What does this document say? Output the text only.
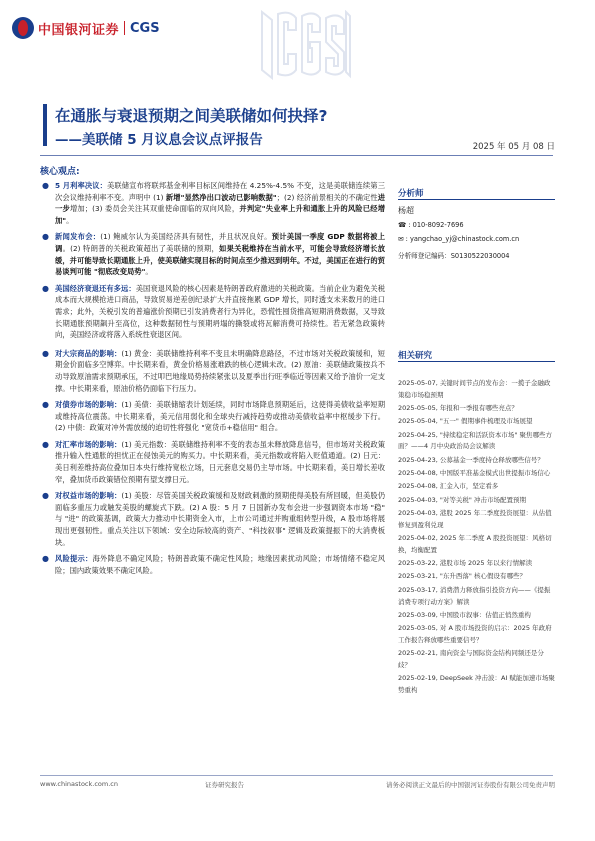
中国银河证券 CGS
在通胀与衰退预期之间美联储如何抉择?
——美联储 5 月议息会议点评报告	2025 年 05 月 08 日
核心观点:
● 5 月利率决议：美联储宣布将联邦基金利率目标区间维持在 4.25%-4.5% 不变，这是美联储连续第三次会议维持利率不变。声明中 (1) 新增"显然净出口波动已影响数据"；(2) 经济前景相关的不确定性进一步增加；(3) 委员会关注其双重使命面临的双向风险，并判定"失业率上升和通胀上升的风险已经增加"。
● 新闻发布会：(1) 鲍威尔认为美国经济具有韧性，并且状况良好。预计美国一季度 GDP 数据将被上调。(2) 特朗普的关税政策超出了美联储的预期，如果关税维持在当前水平，可能会导致经济增长放缓，并可能导致长期通胀上升，使美联储实现目标的时间点至少推迟到明年。不过，美国正在进行的贸易谈判可能 "彻底改变局势"。
● 美国经济衰退还有多远：美国衰退风险的核心因素是特朗普政府激进的关税政策。当前企业为避免关税成本而大规模抢进口商品，导致贸易逆差创纪录扩大并直接拖累 GDP 增长，同时透支未来数月的进口需求；此外，关税引发的普遍涨价预期已引发消费者行为异化，恐慌性囤货推高短期消费数据，又导致长期通胀预期飙升至高位，这种数据韧性与预期坍塌的撕裂或将瓦解消费可持续性。若无紧急政策转向，美国经济或将落入系统性衰退区间。
● 对大宗商品的影响：(1) 黄金：美联储维持利率不变且未明确降息路径，不过市场对关税政策缓和，短期金价面临多空博弈。中长期来看，黄金价格易涨难跌的核心逻辑未改。(2) 原油：美联储政策按兵不动导致原油需求预期承压，不过叩巴地缘局势持续紧张以及夏季出行旺季临近等因素又给予油价一定支撑。中长期来看，原油价格仍面临下行压力。
● 对债券市场的影响：(1) 美债：美联储缩表计划延续，同时市场降息预期延后，这使得美债收益率短期或维持高位震荡。中长期来看，美元信用弱化和全球央行减持趋势或推动美债收益率中枢缓步下行。(2) 中债：政策对冲外需放缓的迫切性将强化 "宽货币+稳信用" 组合。
● 对汇率市场的影响：(1) 美元指数：美联储维持利率不变的表态虽未释放降息信号，但市场对关税政策推升输入性通胀的担忧正在侵蚀美元的购买力。中长期来看，美元指数或将陷入贬值通道。(2) 日元：美日利差维持高位叠加日本央行维持宽松立场，日元套息交易仍主导市场。中长期来看，美日增长差收窄，叠加货币政策错位预期有望支撑日元。
● 对权益市场的影响：(1) 美股：尽管美国关税政策缓和及财政刺激的预期使得美股有所回暖，但美股仍面临多重压力或触发美股的螺旋式下跌。(2) A 股：5 月 7 日国新办发布会进一步强调资本市场 "稳" 与 "进" 的政策基调，政策大力推动中长期资金入市，上市公司通过并购重组转型升级，A 股市场将展现出更强韧性。重点关注以下领域：安全边际较高的资产、"科技叙事" 逻辑及政策提振下的大消费板块。
● 风险提示：海外降息不确定风险；特朗普政策不确定性风险；地缘因素扰动风险；市场情绪不稳定风险；国内政策效果不确定风险。
分析师
杨超
☎ : 010-8092-7696
✉ : yangchao_yj@chinastock.com.cn
分析师登记编码：S0130522030004
相关研究
2025-05-07, 关键时间节点的发布会：一揽子金融政策稳市场稳预期
2025-05-05, 年报和一季报有哪些亮点？
2025-05-04, "五一" 假期事件梳理及市场展望
2025-04-25, "持续稳定和活跃资本市场" 聚焦哪些方面？——4 月中央政治局会议解读
2025-04-23, 公募基金一季度持仓释放哪些信号？
2025-04-08, 中国版平准基金模式出世提振市场信心
2025-04-08, 汇金入市，坚定看多
2025-04-03, "对等关税" 冲击市场配置预期
2025-04-03, 港股 2025 年二季度投资展望：从估值修复到盈利兑现
2025-04-02, 2025 年二季度 A 股投资展望：风格切换，均衡配置
2025-03-22, 港股市场 2025 年以来行情解读
2025-03-21, "东升西落" 核心假设有哪些？
2025-03-17, 消费潜力释放指引投资方向——《提振消费专项行动方案》解读
2025-03-09, 中国股市叙事：估值正悄然重构
2025-03-05, 对 A 股市场投资的启示：2025 年政府工作报告释放哪些重要信号？
2025-02-21, 南向资金与国际资金结构同频还是分歧？
2025-02-19, DeepSeek 冲击波：AI 赋能加速市场聚势重构
www.chinastock.com.cn	证券研究报告	请务必阅读正文最后的中国银河证券股份有限公司免责声明
